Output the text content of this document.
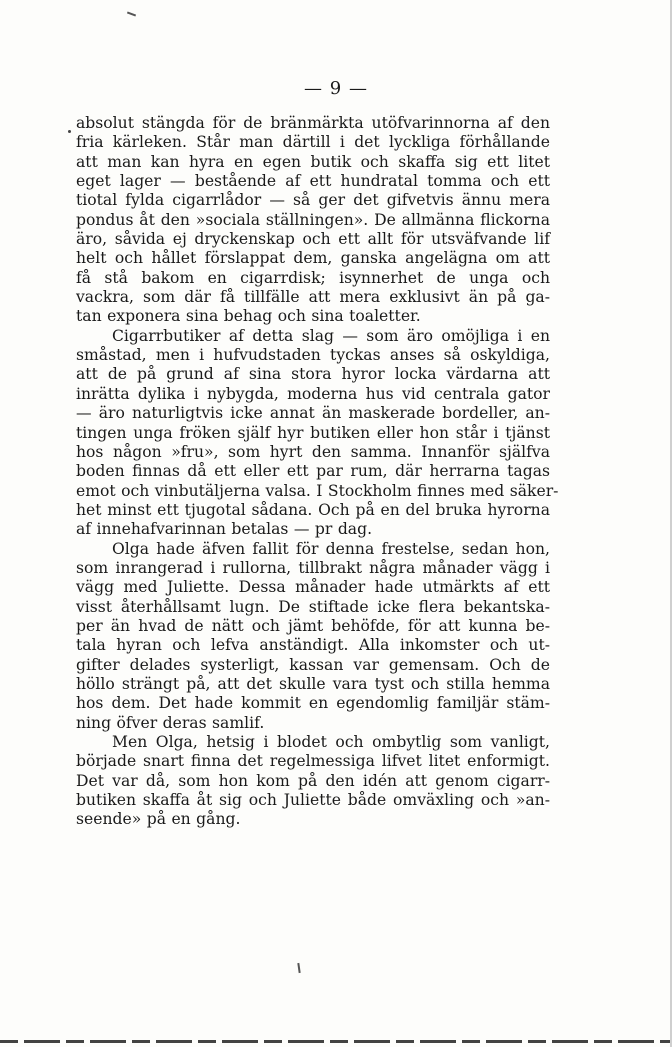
— 9 —
absolut stängda för de bränmärkta utöfvarinnorna af den
fria kärleken. Står man därtill i det lyckliga förhållande
att man kan hyra en egen butik och skaffa sig ett litet
eget lager — bestående af ett hundratal tomma och ett
tiotal fylda cigarrlådor — så ger det gifvetvis ännu mera
pondus åt den »sociala ställningen». De allmänna flickorna
äro, såvida ej dryckenskap och ett allt för utsväfvande lif
helt och hållet förslappat dem, ganska angelägna om att
få stå bakom en cigarrdisk; isynnerhet de unga och
vackra, som där få tillfälle att mera exklusivt än på ga-
tan exponera sina behag och sina toaletter.
Cigarrbutiker af detta slag — som äro omöjliga i en
småstad, men i hufvudstaden tyckas anses så oskyldiga,
att de på grund af sina stora hyror locka värdarna att
inrätta dylika i nybygda, moderna hus vid centrala gator
— äro naturligtvis icke annat än maskerade bordeller, an-
tingen unga fröken själf hyr butiken eller hon står i tjänst
hos någon »fru», som hyrt den samma. Innanför själfva
boden finnas då ett eller ett par rum, där herrarna tagas
emot och vinbutäljerna valsa. I Stockholm finnes med säker-
het minst ett tjugotal sådana. Och på en del bruka hyrorna
af innehafvarinnan betalas — pr dag.
Olga hade äfven fallit för denna frestelse, sedan hon,
som inrangerad i rullorna, tillbrakt några månader vägg i
vägg med Juliette. Dessa månader hade utmärkts af ett
visst återhållsamt lugn. De stiftade icke flera bekantska-
per än hvad de nätt och jämt behöfde, för att kunna be-
tala hyran och lefva anständigt. Alla inkomster och ut-
gifter delades systerligt, kassan var gemensam. Och de
höllo strängt på, att det skulle vara tyst och stilla hemma
hos dem. Det hade kommit en egendomlig familjär stäm-
ning öfver deras samlif.
Men Olga, hetsig i blodet och ombytlig som vanligt,
började snart finna det regelmessiga lifvet litet enformigt.
Det var då, som hon kom på den idén att genom cigarr-
butiken skaffa åt sig och Juliette både omväxling och »an-
seende» på en gång.
